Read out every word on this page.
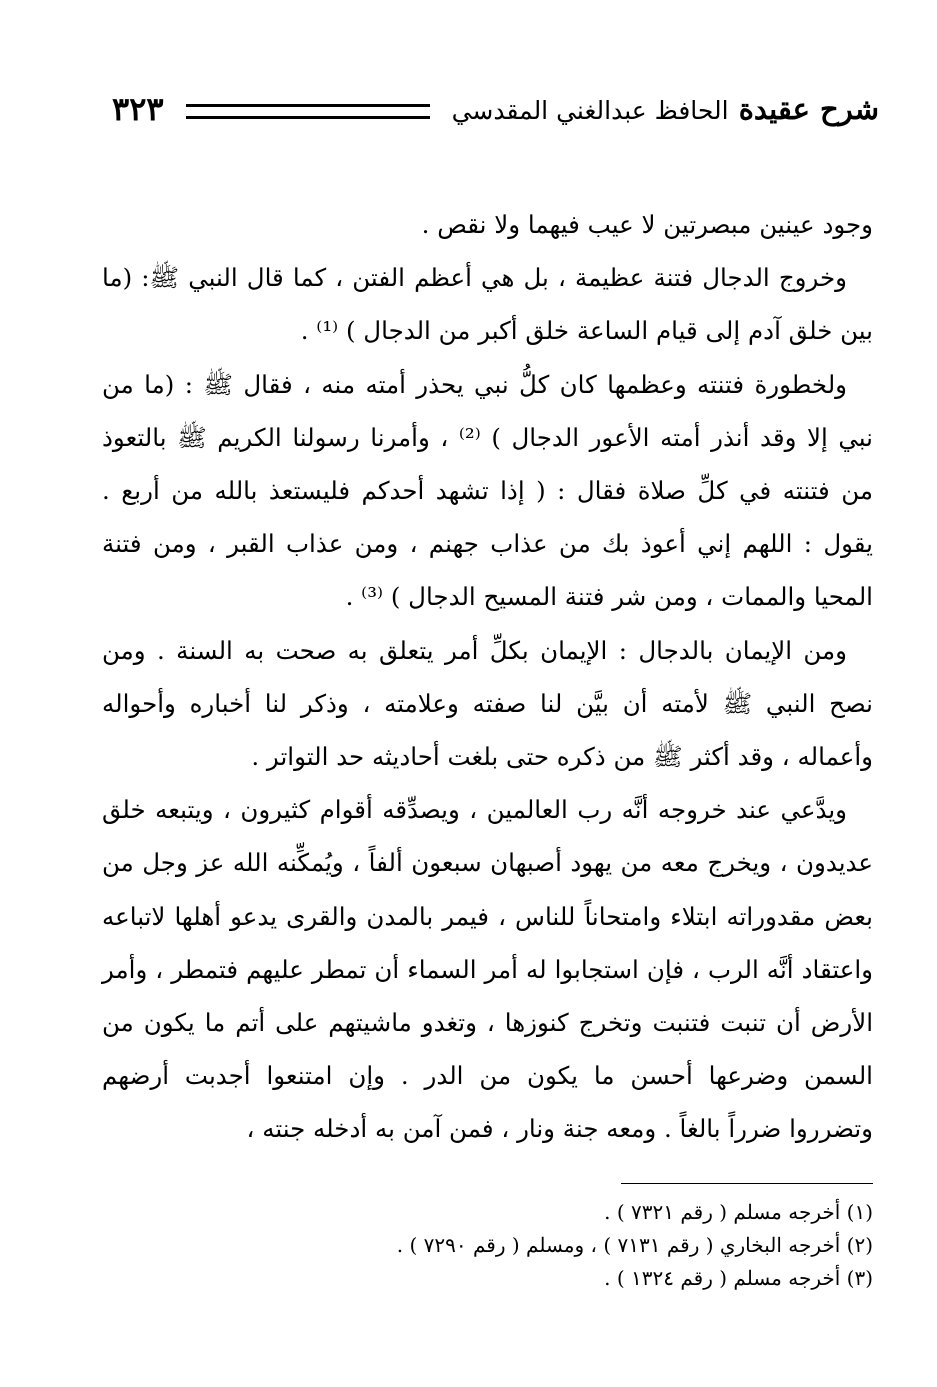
شرح عقيدة الحافظ عبدالغني المقدسي
٣٢٣

وجود عينين مبصرتين لا عيب فيهما ولا نقص .

وخروج الدجال فتنة عظيمة ، بل هي أعظم الفتن ، كما قال النبي ﷺ: (ما بين خلق آدم إلى قيام الساعة خلق أكبر من الدجال ) ⁽¹⁾ .

ولخطورة فتنته وعظمها كان كلُّ نبي يحذر أمته منه ، فقال ﷺ : (ما من نبي إلا وقد أنذر أمته الأعور الدجال ) ⁽²⁾ ، وأمرنا رسولنا الكريم ﷺ بالتعوذ من فتنته في كلِّ صلاة فقال : ( إذا تشهد أحدكم فليستعذ بالله من أربع . يقول : اللهم إني أعوذ بك من عذاب جهنم ، ومن عذاب القبر ، ومن فتنة المحيا والممات ، ومن شر فتنة المسيح الدجال ) ⁽³⁾ .

ومن الإيمان بالدجال : الإيمان بكلِّ أمر يتعلق به صحت به السنة . ومن نصح النبي ﷺ لأمته أن بيَّن لنا صفته وعلامته ، وذكر لنا أخباره وأحواله وأعماله ، وقد أكثر ﷺ من ذكره حتى بلغت أحاديثه حد التواتر .

ويدَّعي عند خروجه أنَّه رب العالمين ، ويصدِّقه أقوام كثيرون ، ويتبعه خلق عديدون ، ويخرج معه من يهود أصبهان سبعون ألفاً ، ويُمكِّنه الله عز وجل من بعض مقدوراته ابتلاء وامتحاناً للناس ، فيمر بالمدن والقرى يدعو أهلها لاتباعه واعتقاد أنَّه الرب ، فإن استجابوا له أمر السماء أن تمطر عليهم فتمطر ، وأمر الأرض أن تنبت فتنبت وتخرج كنوزها ، وتغدو ماشيتهم على أتم ما يكون من السمن وضرعها أحسن ما يكون من الدر . وإن امتنعوا أجدبت أرضهم وتضرروا ضرراً بالغاً . ومعه جنة ونار ، فمن آمن به أدخله جنته ،

(١) أخرجه مسلم ( رقم ٧٣٢١ ) .
(٢) أخرجه البخاري ( رقم ٧١٣١ ) ، ومسلم ( رقم ٧٢٩٠ ) .
(٣) أخرجه مسلم ( رقم ١٣٢٤ ) .
